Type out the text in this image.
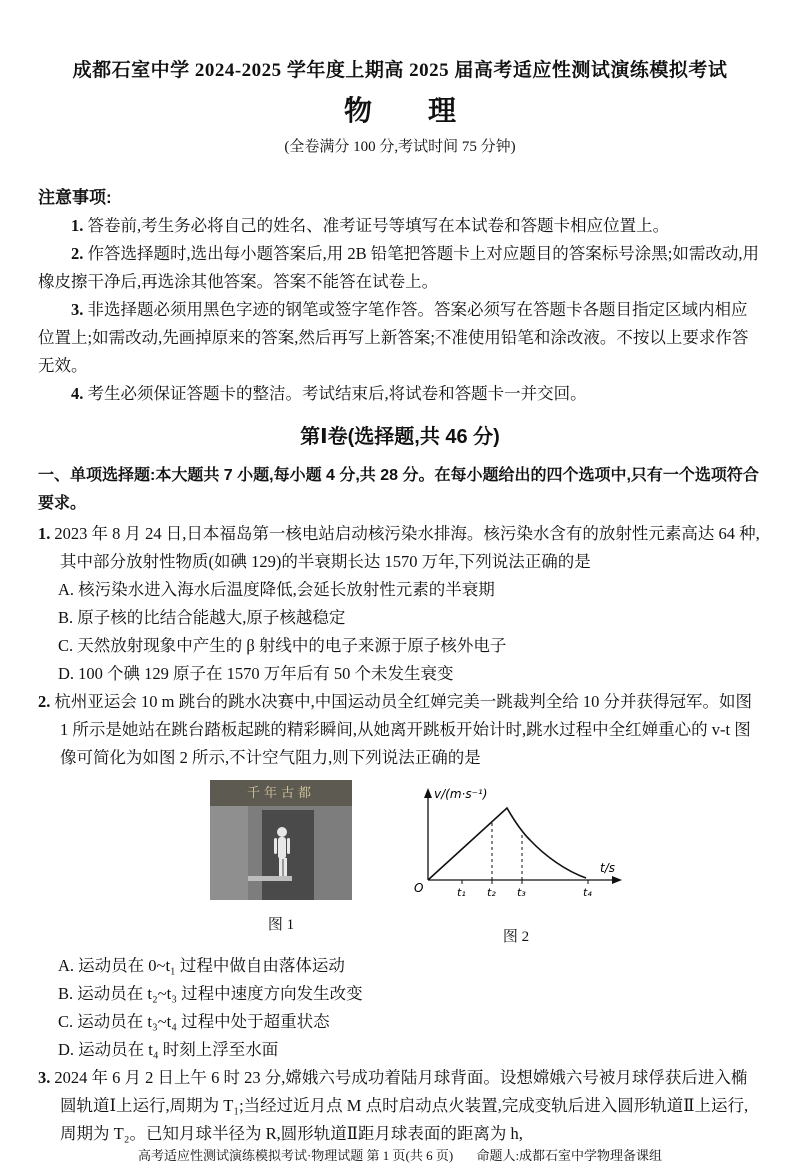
成都石室中学 2024-2025 学年度上期高 2025 届高考适应性测试演练模拟考试
物　　理
(全卷满分 100 分,考试时间 75 分钟)

注意事项:

1. 答卷前,考生务必将自己的姓名、准考证号等填写在本试卷和答题卡相应位置上。

2. 作答选择题时,选出每小题答案后,用 2B 铅笔把答题卡上对应题目的答案标号涂黑;如需改动,用橡皮擦干净后,再选涂其他答案。答案不能答在试卷上。

3. 非选择题必须用黑色字迹的钢笔或签字笔作答。答案必须写在答题卡各题目指定区域内相应位置上;如需改动,先画掉原来的答案,然后再写上新答案;不准使用铅笔和涂改液。不按以上要求作答无效。

4. 考生必须保证答题卡的整洁。考试结束后,将试卷和答题卡一并交回。

第Ⅰ卷(选择题,共 46 分)

一、单项选择题:本大题共 7 小题,每小题 4 分,共 28 分。在每小题给出的四个选项中,只有一个选项符合要求。

1. 2023 年 8 月 24 日,日本福岛第一核电站启动核污染水排海。核污染水含有的放射性元素高达 64 种,其中部分放射性物质(如碘 129)的半衰期长达 1570 万年,下列说法正确的是

A. 核污染水进入海水后温度降低,会延长放射性元素的半衰期
B. 原子核的比结合能越大,原子核越稳定
C. 天然放射现象中产生的 β 射线中的电子来源于原子核外电子
D. 100 个碘 129 原子在 1570 万年后有 50 个未发生衰变

2. 杭州亚运会 10 m 跳台的跳水决赛中,中国运动员全红婵完美一跳裁判全给 10 分并获得冠军。如图 1 所示是她站在跳台踏板起跳的精彩瞬间,从她离开跳板开始计时,跳水过程中全红婵重心的 v-t 图像可简化为如图 2 所示,不计空气阻力,则下列说法正确的是

千年古都
图 1
v/(m·s⁻¹)
t/s
O	t₁ t₂ t₃	t₄
图 2
A. 运动员在 0~t₁ 过程中做自由落体运动
B. 运动员在 t₂~t₃ 过程中速度方向发生改变
C. 运动员在 t₃~t₄ 过程中处于超重状态
D. 运动员在 t₄ 时刻上浮至水面

3. 2024 年 6 月 2 日上午 6 时 23 分,嫦娥六号成功着陆月球背面。设想嫦娥六号被月球俘获后进入椭圆轨道Ⅰ上运行,周期为 T₁;当经过近月点 M 点时启动点火装置,完成变轨后进入圆形轨道Ⅱ上运行,周期为 T₂。已知月球半径为 R,圆形轨道Ⅱ距月球表面的距离为 h,

高考适应性测试演练模拟考试·物理试题 第 1 页(共 6 页) 命题人:成都石室中学物理备课组
